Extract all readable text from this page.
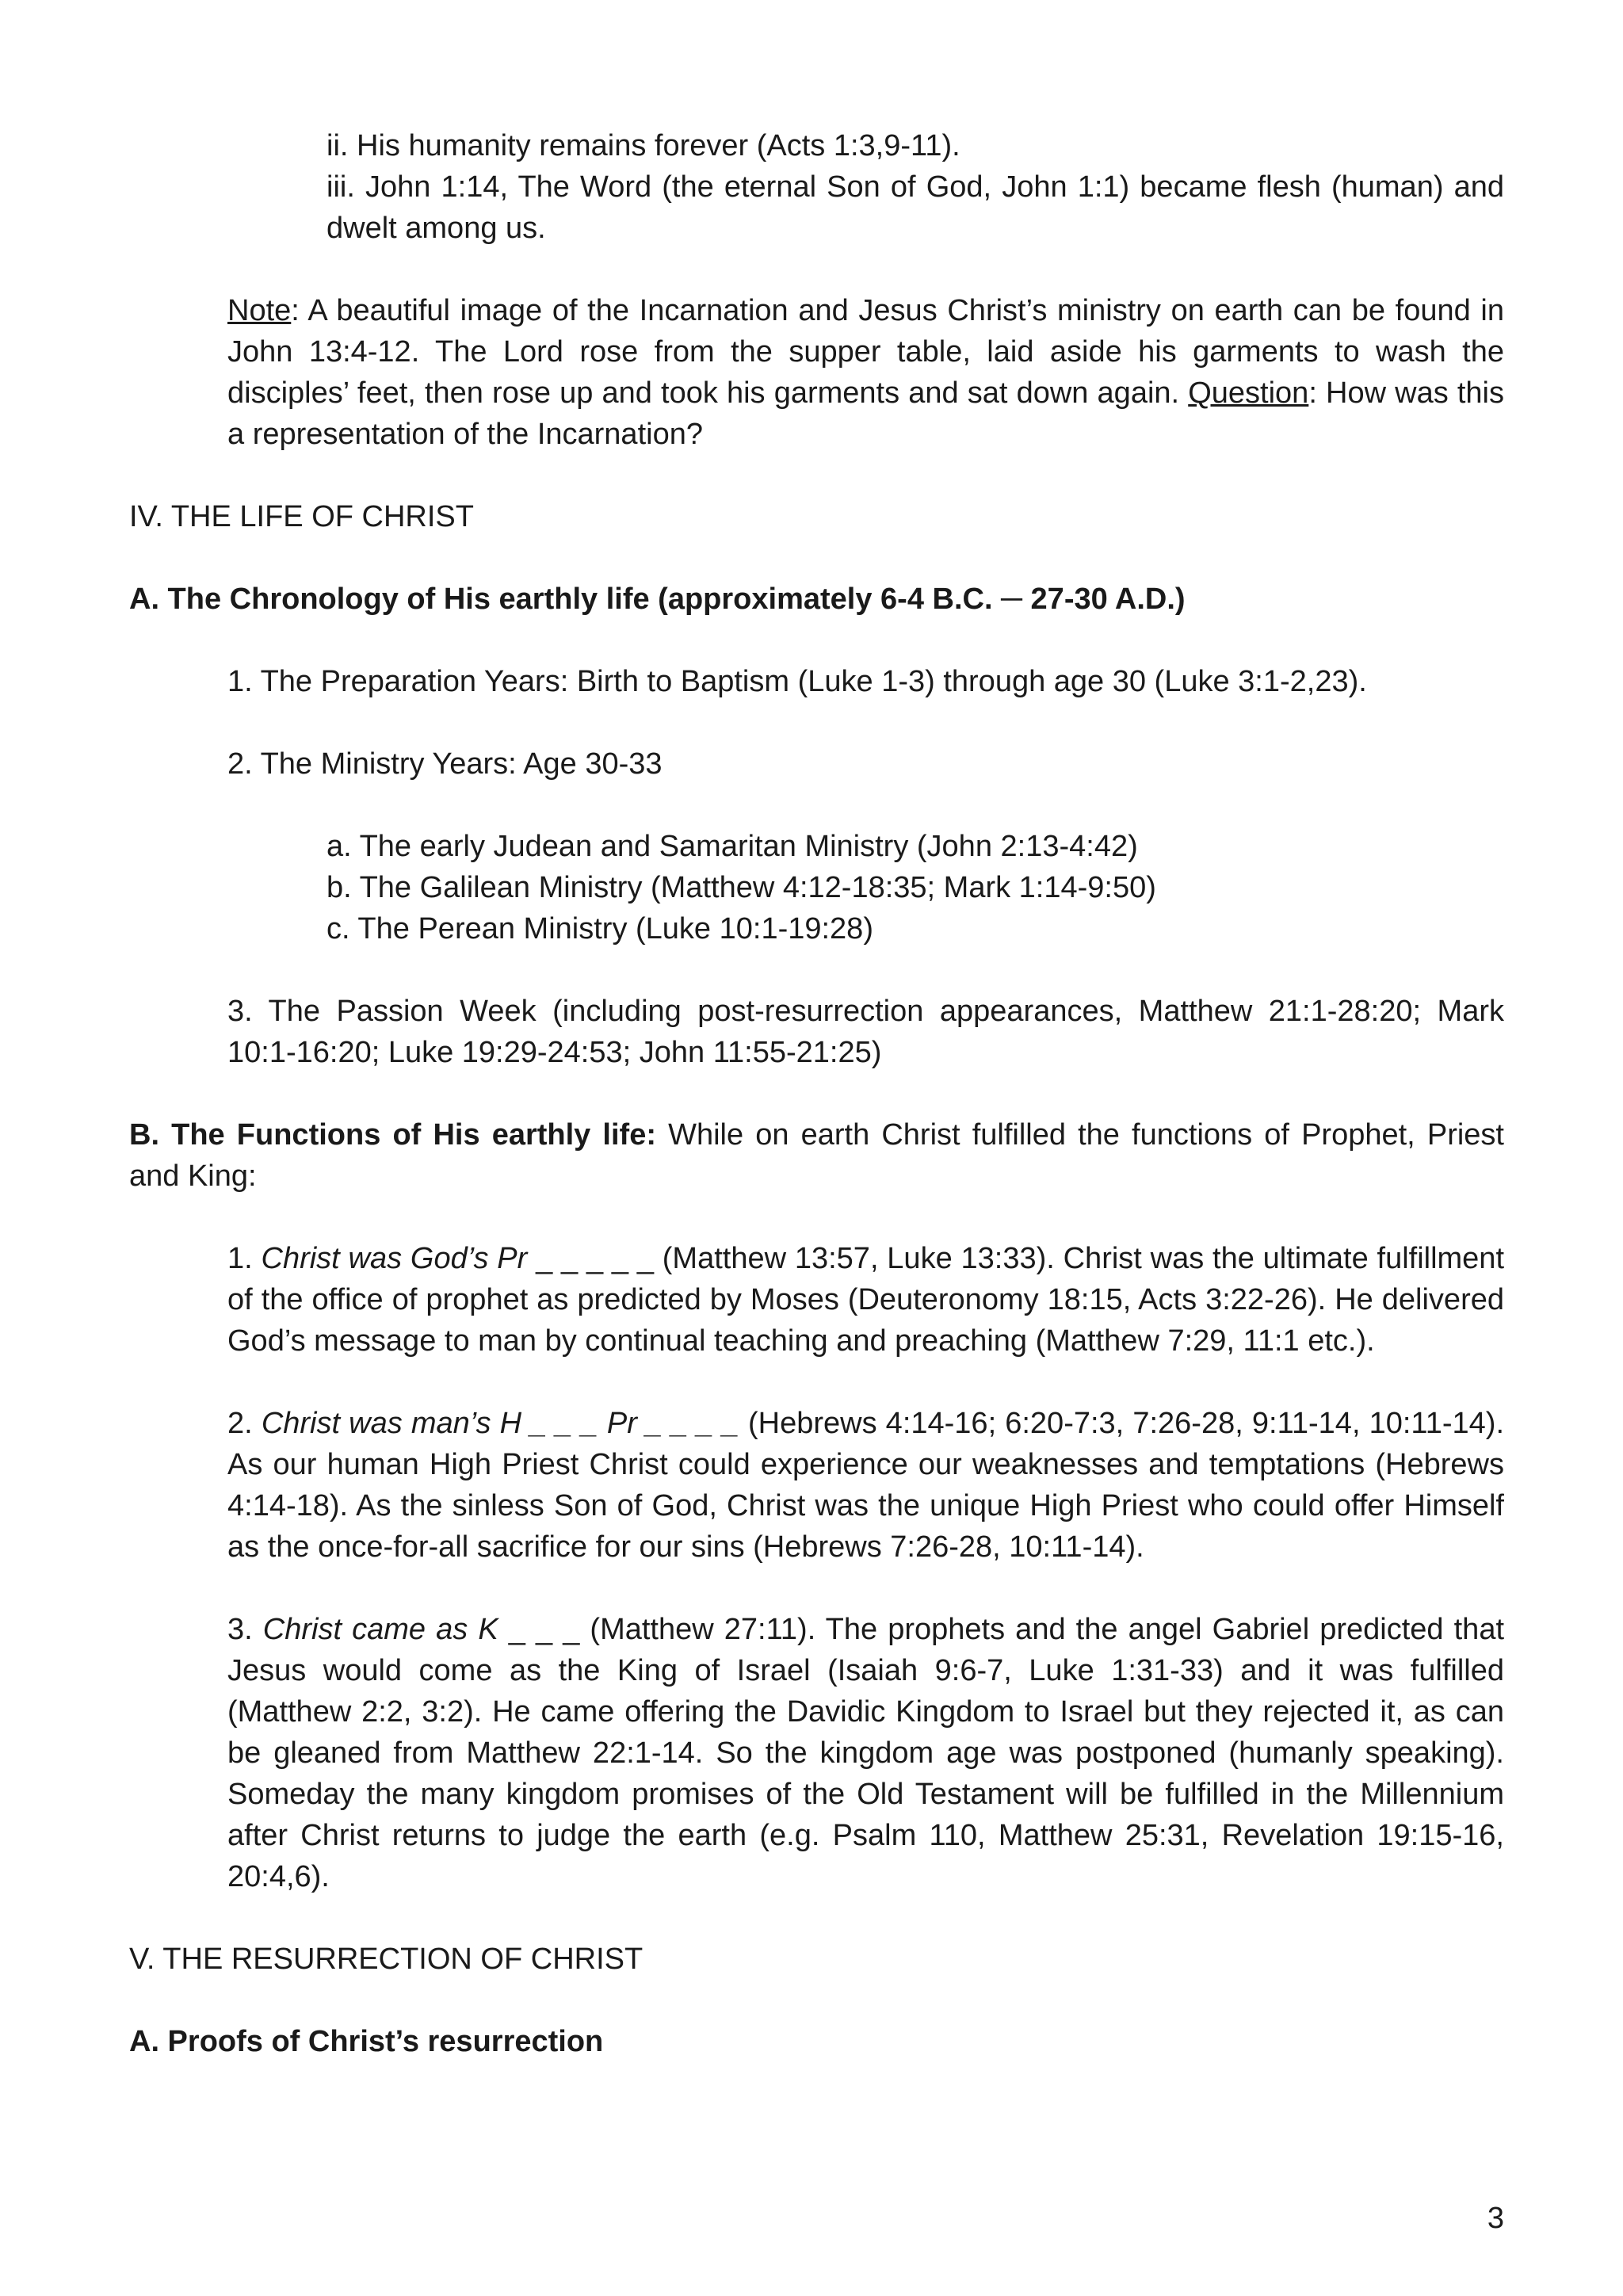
ii. His humanity remains forever (Acts 1:3,9-11).

iii. John 1:14, The Word (the eternal Son of God, John 1:1) became flesh (human) and dwelt among us.

Note: A beautiful image of the Incarnation and Jesus Christ’s ministry on earth can be found in John 13:4-12. The Lord rose from the supper table, laid aside his garments to wash the disciples’ feet, then rose up and took his garments and sat down again. Question: How was this a representation of the Incarnation?

IV. THE LIFE OF CHRIST

A. The Chronology of His earthly life (approximately 6-4 B.C. ─ 27-30 A.D.)

1. The Preparation Years: Birth to Baptism (Luke 1-3) through age 30 (Luke 3:1-2,23).

2. The Ministry Years: Age 30-33

a. The early Judean and Samaritan Ministry (John 2:13-4:42)

b. The Galilean Ministry (Matthew 4:12-18:35; Mark 1:14-9:50)

c. The Perean Ministry (Luke 10:1-19:28)

3. The Passion Week (including post-resurrection appearances, Matthew 21:1-28:20; Mark 10:1-16:20; Luke 19:29-24:53; John 11:55-21:25)

B. The Functions of His earthly life: While on earth Christ fulfilled the functions of Prophet, Priest and King:

1. Christ was God’s Pr _ _ _ _ _ (Matthew 13:57, Luke 13:33). Christ was the ultimate fulfillment of the office of prophet as predicted by Moses (Deuteronomy 18:15, Acts 3:22-26). He delivered God’s message to man by continual teaching and preaching (Matthew 7:29, 11:1 etc.).

2. Christ was man’s H _ _ _ Pr _ _ _ _ (Hebrews 4:14-16; 6:20-7:3, 7:26-28, 9:11-14, 10:11-14). As our human High Priest Christ could experience our weaknesses and temptations (Hebrews 4:14-18). As the sinless Son of God, Christ was the unique High Priest who could offer Himself as the once-for-all sacrifice for our sins (Hebrews 7:26-28, 10:11-14).

3. Christ came as K _ _ _ (Matthew 27:11). The prophets and the angel Gabriel predicted that Jesus would come as the King of Israel (Isaiah 9:6-7, Luke 1:31-33) and it was fulfilled (Matthew 2:2, 3:2). He came offering the Davidic Kingdom to Israel but they rejected it, as can be gleaned from Matthew 22:1-14. So the kingdom age was postponed (humanly speaking). Someday the many kingdom promises of the Old Testament will be fulfilled in the Millennium after Christ returns to judge the earth (e.g. Psalm 110, Matthew 25:31, Revelation 19:15-16, 20:4,6).

V. THE RESURRECTION OF CHRIST

A. Proofs of Christ’s resurrection

3
